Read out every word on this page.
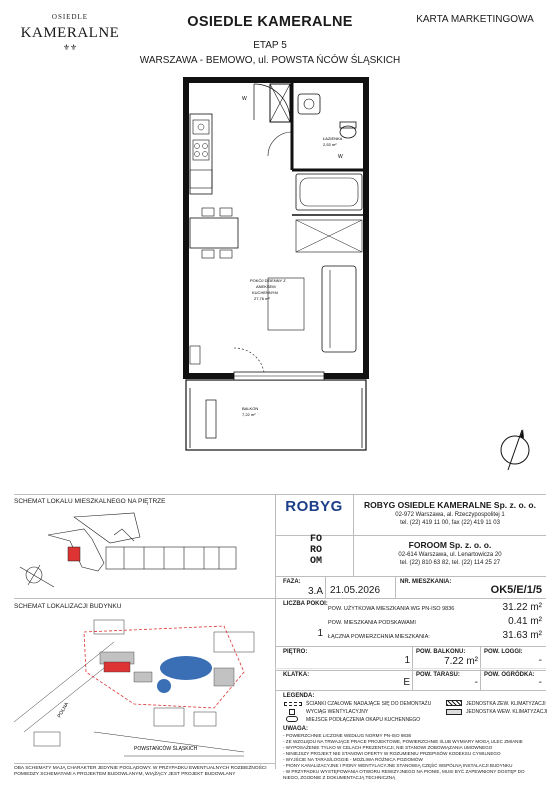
OSIEDLE
KAMERALNE
⚜⚜
OSIEDLE KAMERALNE
ETAP 5
WARSZAWA - BEMOWO, ul. POWSTA ŃCÓW ŚLĄSKICH
KARTA MARKETINGOWA
ŁAZIENKA
2,53 m²
POKÓJ DZIENNY Z
ANEKSEM
KUCHENNYM
27,76 m²
BALKON
7,22 m²
W
W
SCHEMAT LOKALU MIESZKALNEGO NA PIĘTRZE
SCHEMAT LOKALIZACJI BUDYNKU
POLNA
POWSTAŃCÓW ŚLĄSKICH
OBA SCHEMATY MAJĄ CHARAKTER JEDYNIE POGLĄDOWY. W PRZYPADKU EWENTUALNYCH ROZBIEŻNOŚCI
POMIEDZY SCHEMATAMI A PROJEKTEM BUDOWLANYM, WIĄŻĄCY JEST PROJEKT BUDOWLANY
ROBYG	ROBYG OSIEDLE KAMERALNE Sp. z. o. o.
02-972 Warszawa, al. Rzeczypospolitej 1
tel. (22) 419 11 00, fax (22) 419 11 03
FO
RO
OM
FOROOM Sp. z. o. o.
02-614 Warszawa, ul. Lenartowicza 20
tel. (22) 810 63 82, tel. (22) 114 25 27
FAZA:
3.A 21.05.2026
NR. MIESZKANIA:
OK5/E/1/5
LICZBA POKOI:
1
POW. UŻYTKOWA MIESZKANIA WG PN-ISO 9836	31.22 m²
POW. MIESZKANIA PODSKAWAMI	0.41 m²
ŁĄCZNA POWIERZCHNIA MIESZKANIA:	31.63 m²
PIĘTRO:
1
POW. BALKONU:
7.22 m²
POW. LOGGI:
-
KLATKA:
E
POW. TARASU:
-
POW. OGRÓDKA:
-
LEGENDA:
ŚCIANKI CZAŁOWE NADAJĄCE SIĘ DO DEMONTAŻU
WYCIĄG WENTYLACYJNY
MIEJSCE PODŁĄCZENIA OKAPU KUCHENNEGO
JEDNOSTKA ZEW. KLIMATYZACJI
JEDNOSTKA WEW. KLIMATYZACJI
UWAGA:
- POWIERZCHNIE LICZONE WEDŁUG NORMY PN-ISO 9836
- ZE WZGLĘDU NA TRWAJĄCE PRACE PROJEKTOWE, POWIERZCHNIE I/LUB WYMIARY MOGĄ ULEC ZMIANIE
- WYPOSAŻENIE TYLKO W CELACH PREZENTACJI, NIE STANOWI ZOBOWIĄZANIA UMOWNEGO
- NINIEJSZY PROJEKT NIE STANOWI OFERTY W ROZUMIENIU PRZEPISÓW KODEKSU CYWILNEGO
- WYJŚCIE NA TARAS/LOGGIE - MOŻLIWA RÓŻNICA POZIOMÓW
- PIONY KANALIZACYJNE I PIONY WENTYLACYJNE STANOWIĄ CZĘŚĆ WSPÓLNĄ INSTALACJI BUDYNKU
- W PRZYPADKU WYSTĘPOWANIA OTWORU REWIZYJNEGO NA PIONIE, MUSI BYĆ ZAPEWNIONY DOSTĘP DO
NIEGO, ZGODNIE Z DOKUMENTACJĄ TECHNICZNĄ
